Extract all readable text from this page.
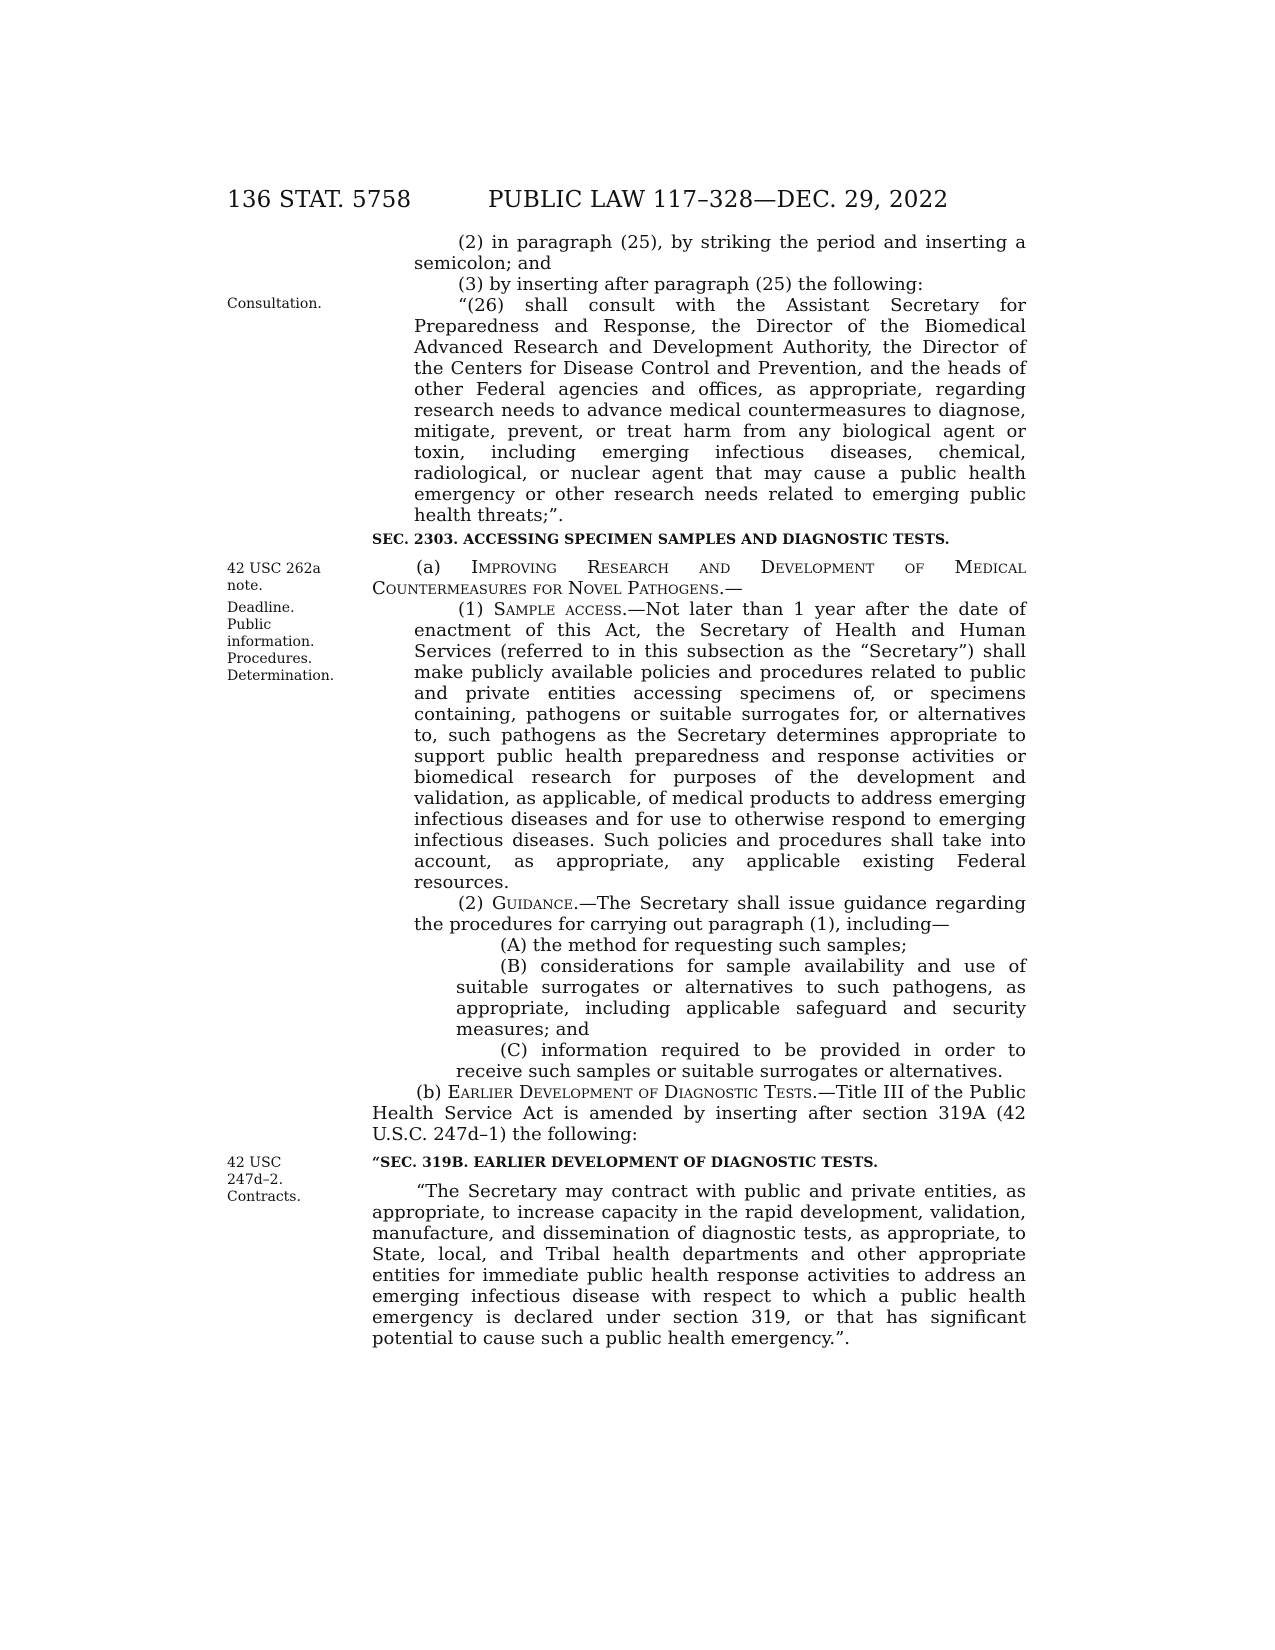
136 STAT. 5758	PUBLIC LAW 117–328—DEC. 29, 2022
Consultation.
42 USC 262a
note.
Deadline.
Public
information.
Procedures.
Determination.
42 USC
247d–2.
Contracts.

(2) in paragraph (25), by striking the period and inserting a semicolon; and

(3) by inserting after paragraph (25) the following:

“(26) shall consult with the Assistant Secretary for Preparedness and Response, the Director of the Biomedical Advanced Research and Development Authority, the Director of the Centers for Disease Control and Prevention, and the heads of other Federal agencies and offices, as appropriate, regarding research needs to advance medical countermeasures to diagnose, mitigate, prevent, or treat harm from any biological agent or toxin, including emerging infectious diseases, chemical, radiological, or nuclear agent that may cause a public health emergency or other research needs related to emerging public health threats;”.

SEC. 2303. ACCESSING SPECIMEN SAMPLES AND DIAGNOSTIC TESTS.

(a) Improving Research and Development of Medical Countermeasures for Novel Pathogens.—

(1) Sample access.—Not later than 1 year after the date of enactment of this Act, the Secretary of Health and Human Services (referred to in this subsection as the “Secretary”) shall make publicly available policies and procedures related to public and private entities accessing specimens of, or specimens containing, pathogens or suitable surrogates for, or alternatives to, such pathogens as the Secretary determines appropriate to support public health preparedness and response activities or biomedical research for purposes of the development and validation, as applicable, of medical products to address emerging infectious diseases and for use to otherwise respond to emerging infectious diseases. Such policies and procedures shall take into account, as appropriate, any applicable existing Federal resources.

(2) Guidance.—The Secretary shall issue guidance regarding the procedures for carrying out paragraph (1), including—

(A) the method for requesting such samples;

(B) considerations for sample availability and use of suitable surrogates or alternatives to such pathogens, as appropriate, including applicable safeguard and security measures; and

(C) information required to be provided in order to receive such samples or suitable surrogates or alternatives.

(b) Earlier Development of Diagnostic Tests.—Title III of the Public Health Service Act is amended by inserting after section 319A (42 U.S.C. 247d–1) the following:

“SEC. 319B. EARLIER DEVELOPMENT OF DIAGNOSTIC TESTS.

“The Secretary may contract with public and private entities, as appropriate, to increase capacity in the rapid development, validation, manufacture, and dissemination of diagnostic tests, as appropriate, to State, local, and Tribal health departments and other appropriate entities for immediate public health response activities to address an emerging infectious disease with respect to which a public health emergency is declared under section 319, or that has significant potential to cause such a public health emergency.”.
